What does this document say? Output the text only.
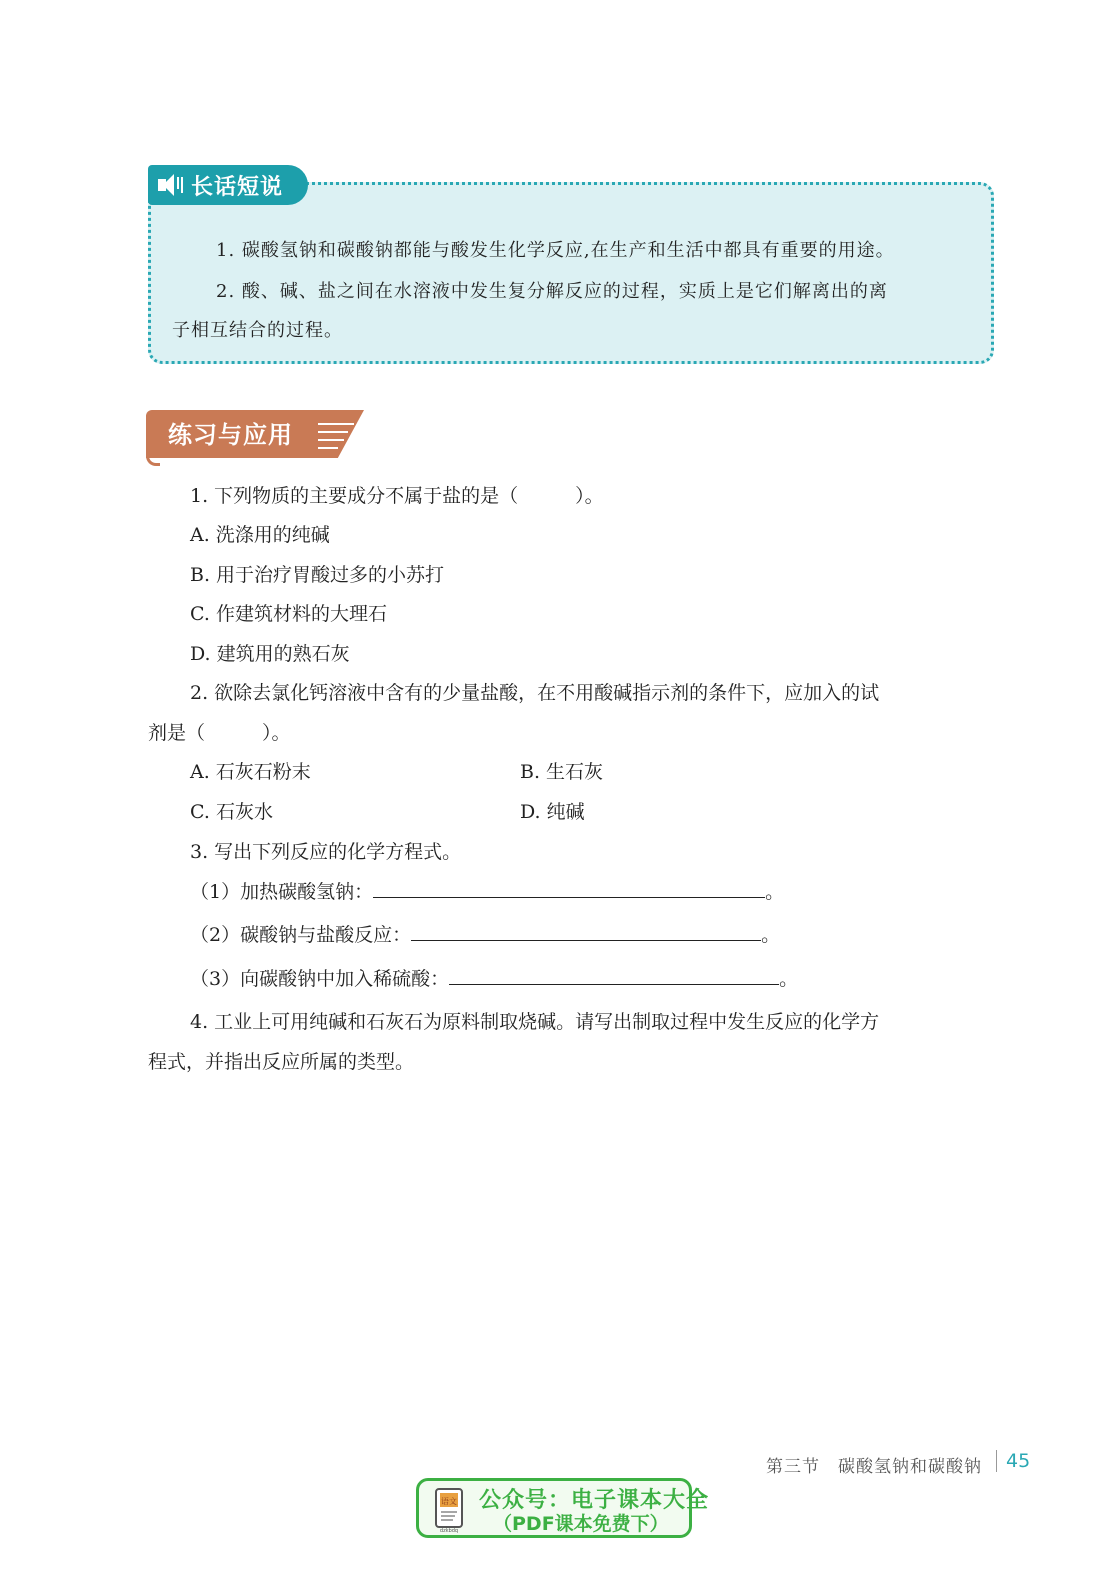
长话短说
1. 碳酸氢钠和碳酸钠都能与酸发生化学反应,在生产和生活中都具有重要的用途。
2. 酸、碱、盐之间在水溶液中发生复分解反应的过程，实质上是它们解离出的离
子相互结合的过程。
练习与应用
1. 下列物质的主要成分不属于盐的是（　　　）。
A. 洗涤用的纯碱
B. 用于治疗胃酸过多的小苏打
C. 作建筑材料的大理石
D. 建筑用的熟石灰
2. 欲除去氯化钙溶液中含有的少量盐酸，在不用酸碱指示剂的条件下，应加入的试
剂是（　　　）。
A. 石灰石粉末	B. 生石灰
C. 石灰水	D. 纯碱
3. 写出下列反应的化学方程式。
（1）加热碳酸氢钠：	。
（2）碳酸钠与盐酸反应：	。
（3）向碳酸钠中加入稀硫酸：	。
4. 工业上可用纯碱和石灰石为原料制取烧碱。请写出制取过程中发生反应的化学方
程式，并指出反应所属的类型。
第三节　碳酸氢钠和碳酸钠 45
语文
dzkbdq
公众号：电子课本大全
（PDF课本免费下）
